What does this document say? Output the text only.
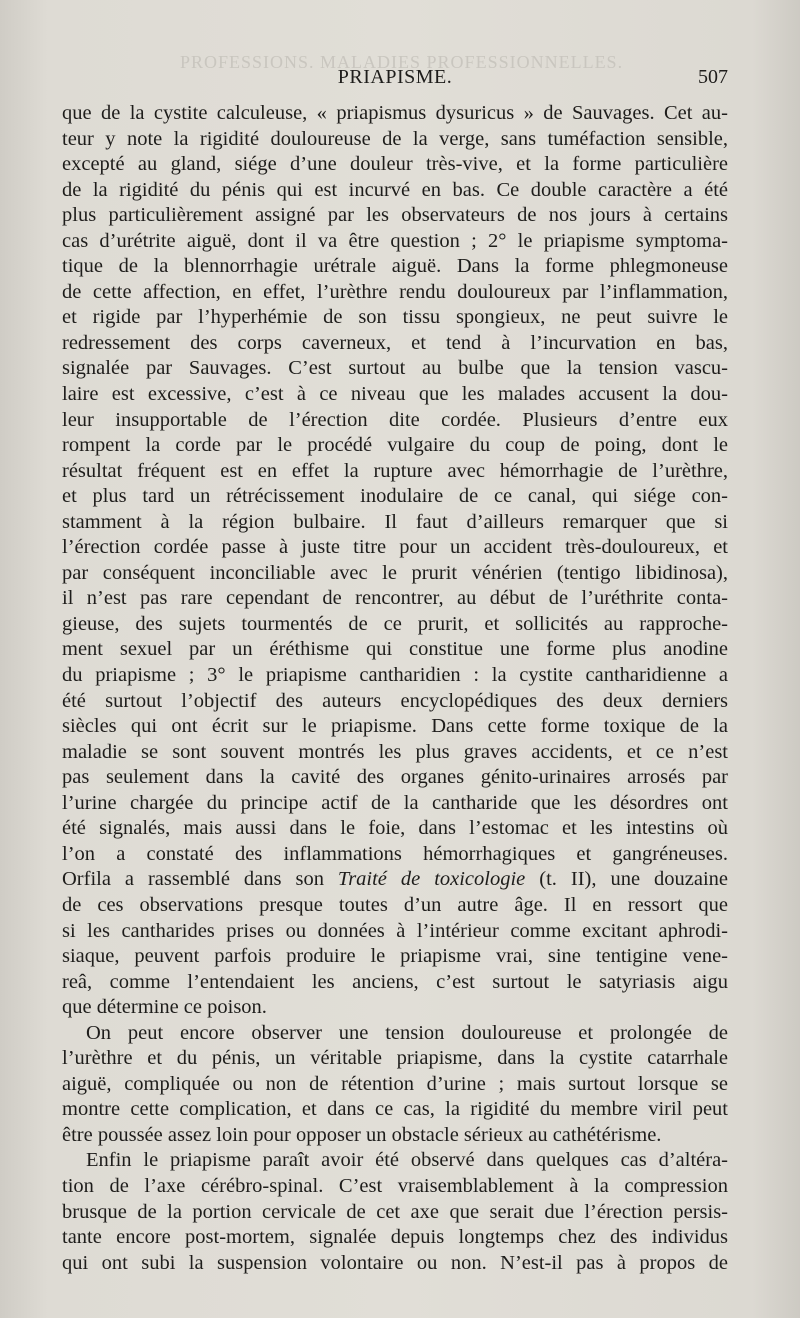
PROFESSIONS. MALADIES PROFESSIONNELLES.
PRIAPISME.	507
que de la cystite calculeuse, « priapismus dysuricus » de Sauvages. Cet au-
teur y note la rigidité douloureuse de la verge, sans tuméfaction sensible,
excepté au gland, siége d’une douleur très-vive, et la forme particulière
de la rigidité du pénis qui est incurvé en bas. Ce double caractère a été
plus particulièrement assigné par les observateurs de nos jours à certains
cas d’urétrite aiguë, dont il va être question ; 2° le priapisme symptoma-
tique de la blennorrhagie urétrale aiguë. Dans la forme phlegmoneuse
de cette affection, en effet, l’urèthre rendu douloureux par l’inflammation,
et rigide par l’hyperhémie de son tissu spongieux, ne peut suivre le
redressement des corps caverneux, et tend à l’incurvation en bas,
signalée par Sauvages. C’est surtout au bulbe que la tension vascu-
laire est excessive, c’est à ce niveau que les malades accusent la dou-
leur insupportable de l’érection dite cordée. Plusieurs d’entre eux
rompent la corde par le procédé vulgaire du coup de poing, dont le
résultat fréquent est en effet la rupture avec hémorrhagie de l’urèthre,
et plus tard un rétrécissement inodulaire de ce canal, qui siége con-
stamment à la région bulbaire. Il faut d’ailleurs remarquer que si
l’érection cordée passe à juste titre pour un accident très-douloureux, et
par conséquent inconciliable avec le prurit vénérien (tentigo libidinosa),
il n’est pas rare cependant de rencontrer, au début de l’uréthrite conta-
gieuse, des sujets tourmentés de ce prurit, et sollicités au rapproche-
ment sexuel par un éréthisme qui constitue une forme plus anodine
du priapisme ; 3° le priapisme cantharidien : la cystite cantharidienne a
été surtout l’objectif des auteurs encyclopédiques des deux derniers
siècles qui ont écrit sur le priapisme. Dans cette forme toxique de la
maladie se sont souvent montrés les plus graves accidents, et ce n’est
pas seulement dans la cavité des organes génito-urinaires arrosés par
l’urine chargée du principe actif de la cantharide que les désordres ont
été signalés, mais aussi dans le foie, dans l’estomac et les intestins où
l’on a constaté des inflammations hémorrhagiques et gangréneuses.
Orfila a rassemblé dans son Traité de toxicologie (t. II), une douzaine
de ces observations presque toutes d’un autre âge. Il en ressort que
si les cantharides prises ou données à l’intérieur comme excitant aphrodi-
siaque, peuvent parfois produire le priapisme vrai, sine tentigine vene-
reâ, comme l’entendaient les anciens, c’est surtout le satyriasis aigu
que détermine ce poison.
On peut encore observer une tension douloureuse et prolongée de
l’urèthre et du pénis, un véritable priapisme, dans la cystite catarrhale
aiguë, compliquée ou non de rétention d’urine ; mais surtout lorsque se
montre cette complication, et dans ce cas, la rigidité du membre viril peut
être poussée assez loin pour opposer un obstacle sérieux au cathétérisme.
Enfin le priapisme paraît avoir été observé dans quelques cas d’altéra-
tion de l’axe cérébro-spinal. C’est vraisemblablement à la compression
brusque de la portion cervicale de cet axe que serait due l’érection persis-
tante encore post-mortem, signalée depuis longtemps chez des individus
qui ont subi la suspension volontaire ou non. N’est-il pas à propos de
